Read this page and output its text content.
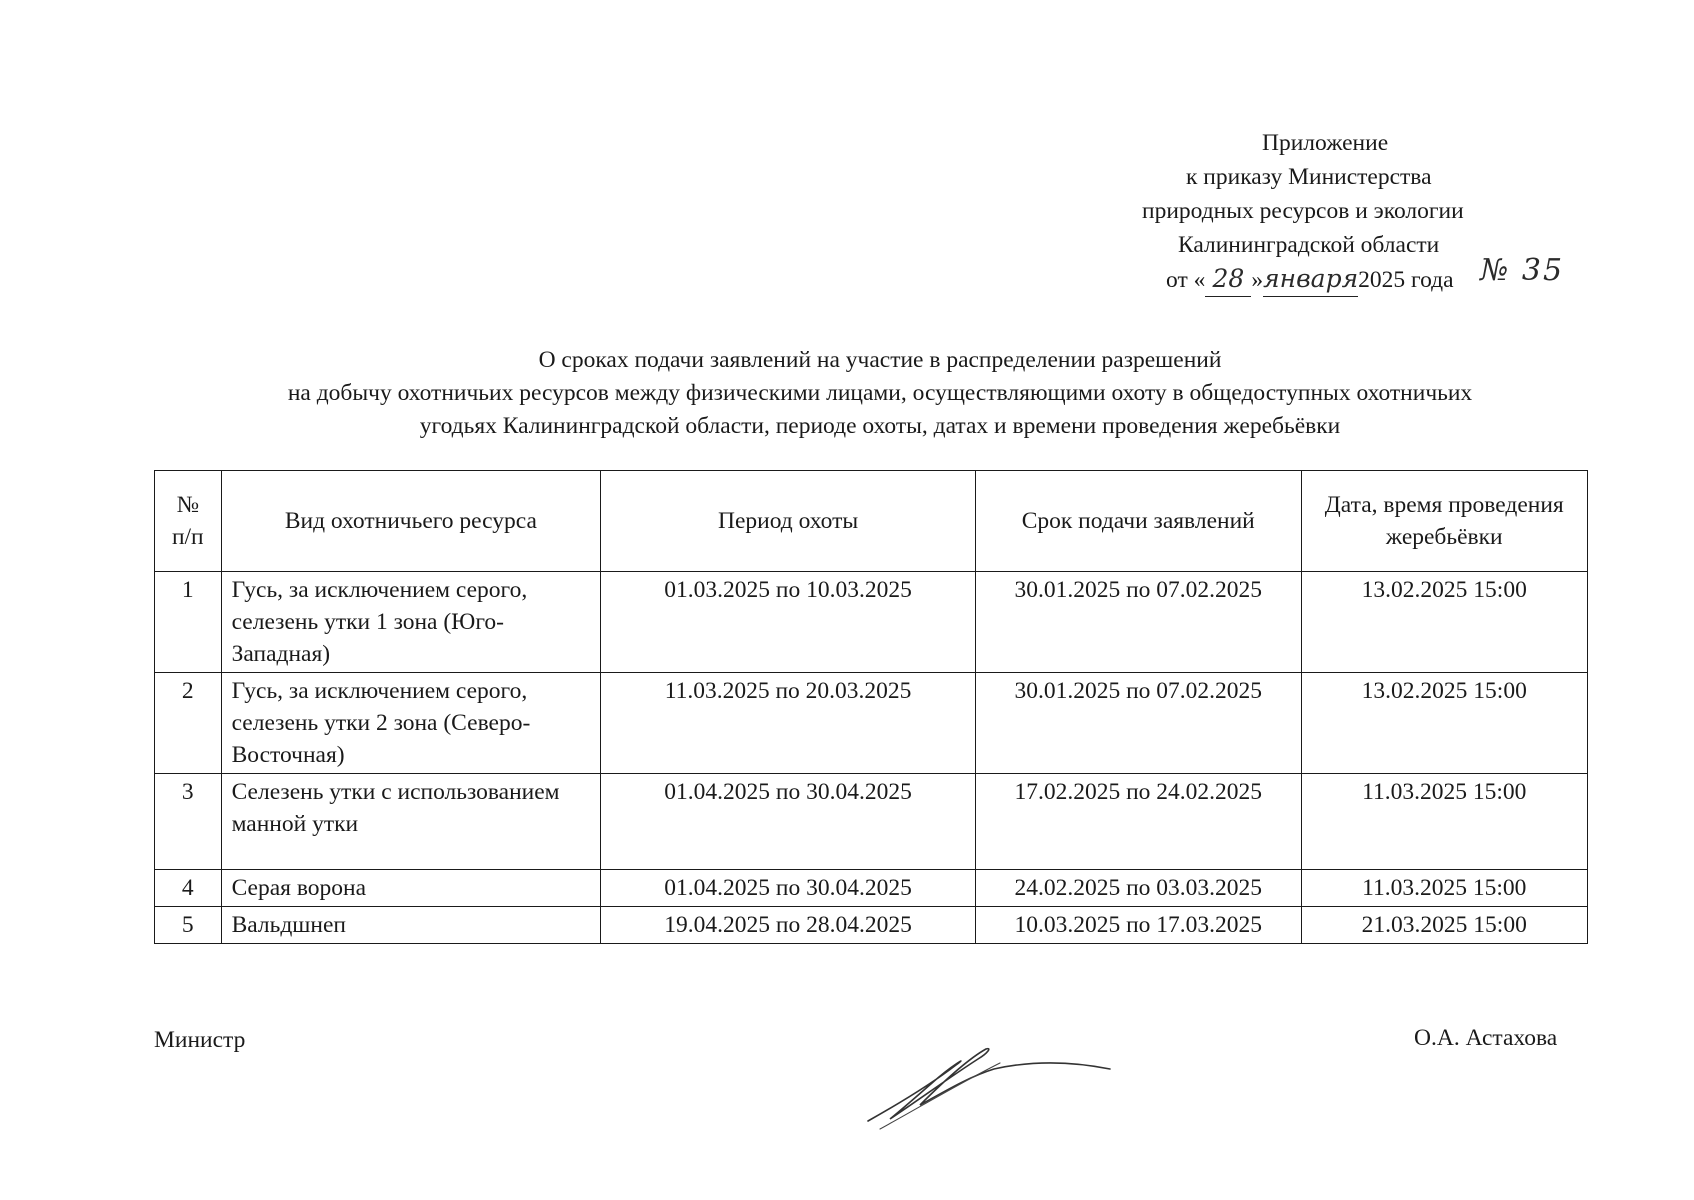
Приложение
к приказу Министерства
природных ресурсов и экологии
Калининградской области
от « 28 »января2025 года № 35
О сроках подачи заявлений на участие в распределении разрешений
на добычу охотничьих ресурсов между физическими лицами, осуществляющими охоту в общедоступных охотничьих
угодьях Калининградской области, периоде охоты, датах и времени проведения жеребьёвки
№ п/п	Вид охотничьего ресурса	Период охоты	Срок подачи заявлений	Дата, время проведения жеребьёвки
1	Гусь, за исключением серого, селезень утки 1 зона (Юго-Западная)	01.03.2025 по 10.03.2025	30.01.2025 по 07.02.2025	13.02.2025 15:00
2	Гусь, за исключением серого, селезень утки 2 зона (Северо-Восточная)	11.03.2025 по 20.03.2025	30.01.2025 по 07.02.2025	13.02.2025 15:00
3	Селезень утки с использованием манной утки	01.04.2025 по 30.04.2025	17.02.2025 по 24.02.2025	11.03.2025 15:00
4	Серая ворона	01.04.2025 по 30.04.2025	24.02.2025 по 03.03.2025	11.03.2025 15:00
5	Вальдшнеп	19.04.2025 по 28.04.2025	10.03.2025 по 17.03.2025	21.03.2025 15:00
Министр	О.А. Астахова
